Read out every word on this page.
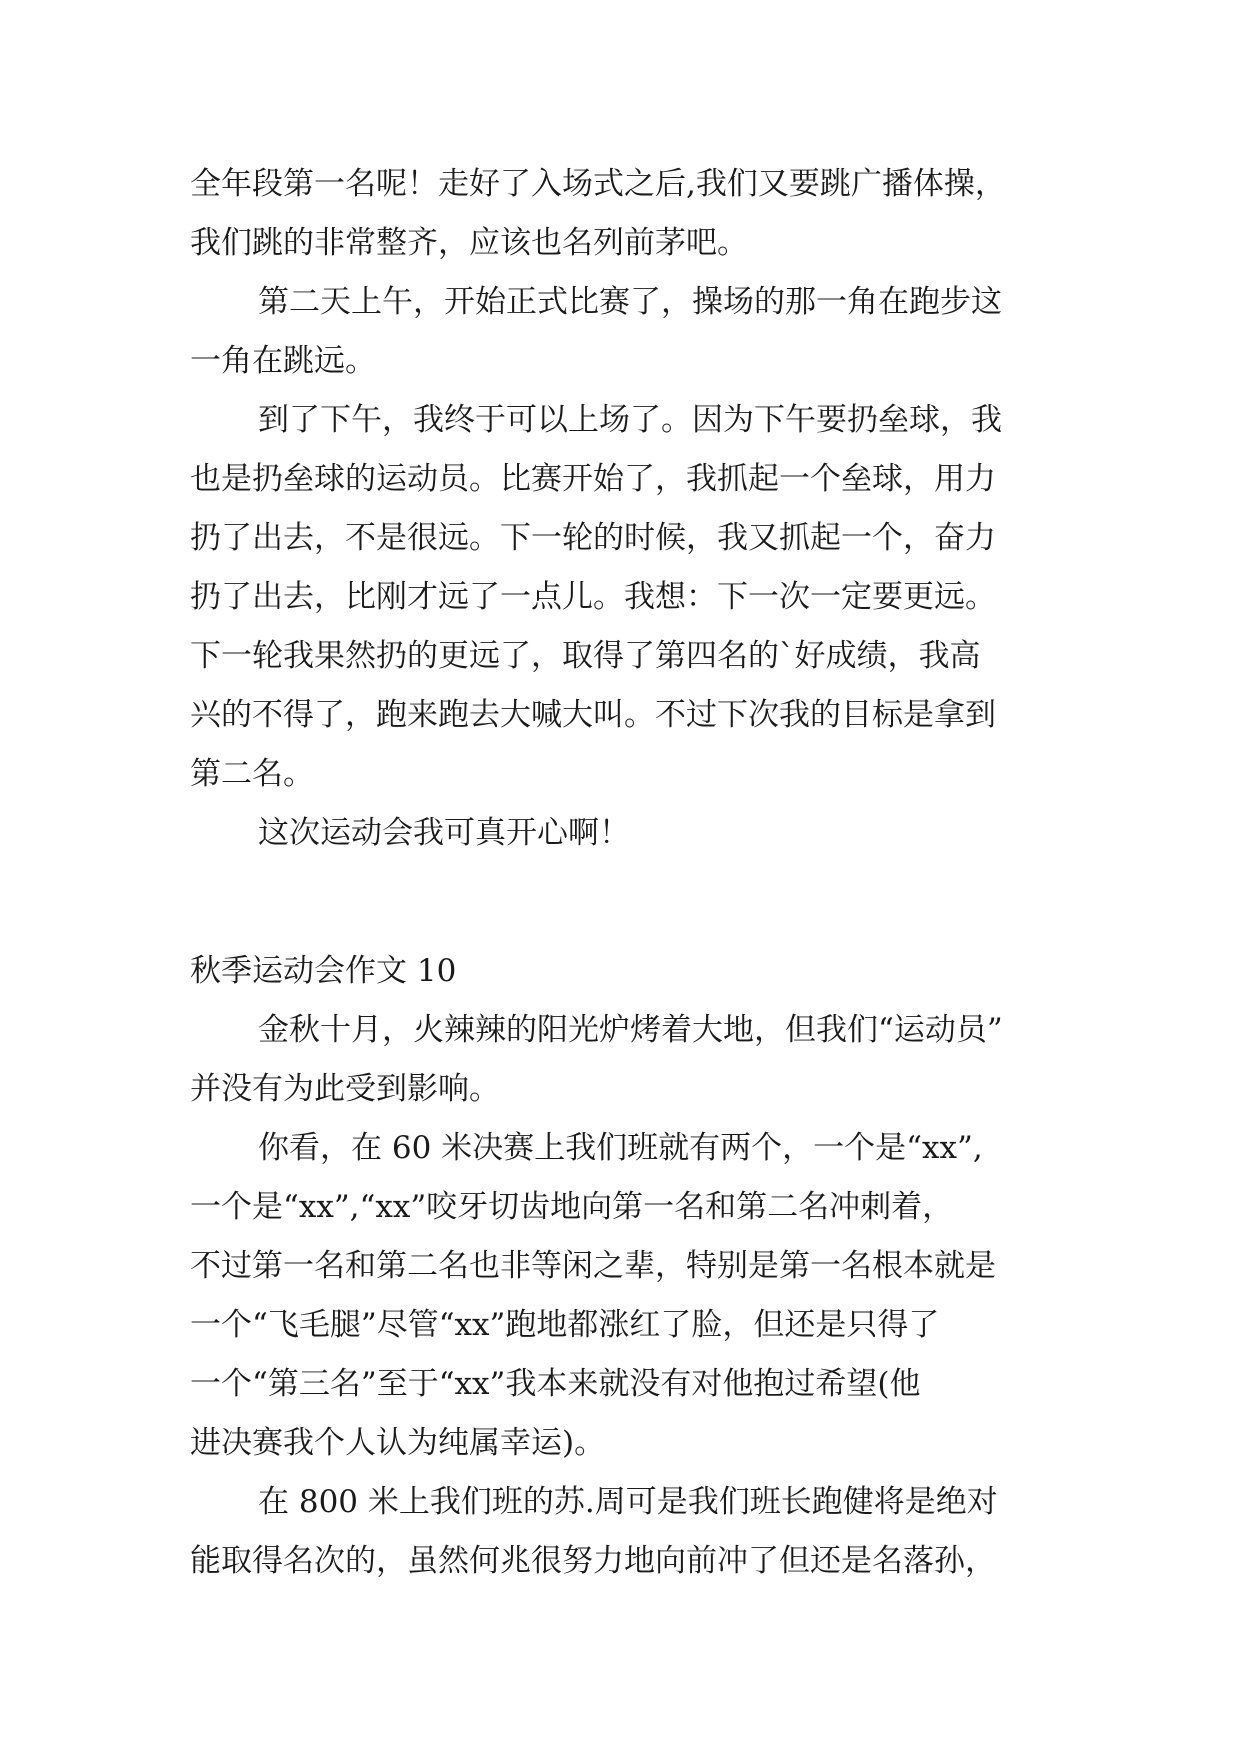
全年段第一名呢！走好了入场式之后,我们又要跳广播体操，
我们跳的非常整齐，应该也名列前茅吧。
第二天上午，开始正式比赛了，操场的那一角在跑步这
一角在跳远。
到了下午，我终于可以上场了。因为下午要扔垒球，我
也是扔垒球的运动员。比赛开始了，我抓起一个垒球，用力
扔了出去，不是很远。下一轮的时候，我又抓起一个，奋力
扔了出去，比刚才远了一点儿。我想：下一次一定要更远。
下一轮我果然扔的更远了，取得了第四名的`好成绩，我高
兴的不得了，跑来跑去大喊大叫。不过下次我的目标是拿到
第二名。
这次运动会我可真开心啊！
秋季运动会作文 10
金秋十月，火辣辣的阳光炉烤着大地，但我们“运动员”
并没有为此受到影响。
你看，在 60 米决赛上我们班就有两个，一个是“xx”,
一个是“xx”,“xx”咬牙切齿地向第一名和第二名冲刺着，
不过第一名和第二名也非等闲之辈，特别是第一名根本就是
一个“飞毛腿”尽管“xx”跑地都涨红了脸，但还是只得了
一个“第三名”至于“xx”我本来就没有对他抱过希望(他
进决赛我个人认为纯属幸运)。
在 800 米上我们班的苏.周可是我们班长跑健将是绝对
能取得名次的，虽然何兆很努力地向前冲了但还是名落孙，
